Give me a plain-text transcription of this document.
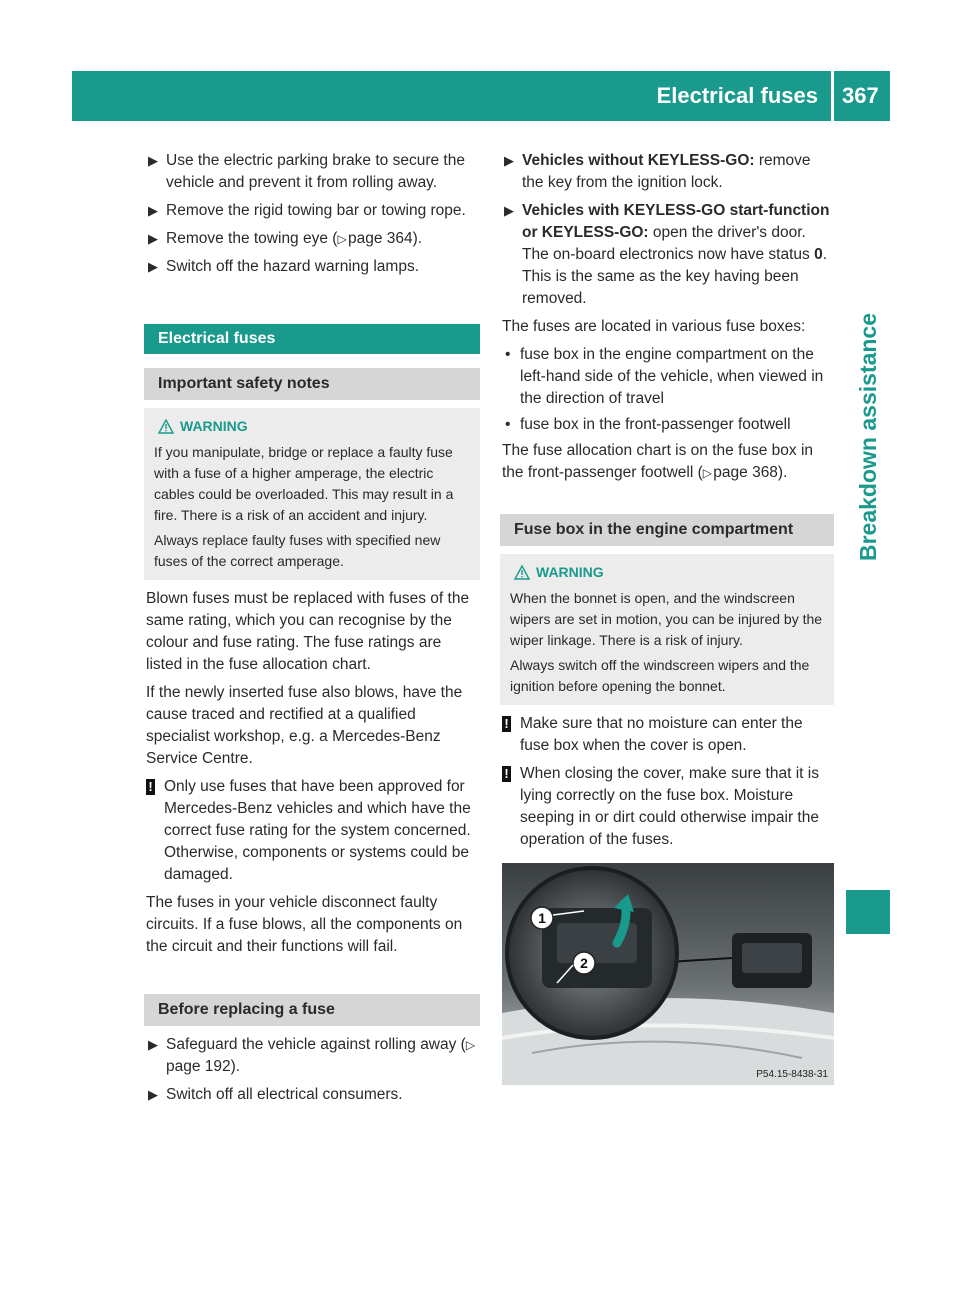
Electrical fuses 367
Breakdown assistance
▶ Use the electric parking brake to secure the vehicle and prevent it from rolling away.
▶ Remove the rigid towing bar or towing rope.
▶ Remove the towing eye (▷ page 364).
▶ Switch off the hazard warning lamps.
Electrical fuses
Important safety notes
WARNING

If you manipulate, bridge or replace a faulty fuse with a fuse of a higher amperage, the electric cables could be overloaded. This may result in a fire. There is a risk of an accident and injury.

Always replace faulty fuses with specified new fuses of the correct amperage.

Blown fuses must be replaced with fuses of the same rating, which you can recognise by the colour and fuse rating. The fuse ratings are listed in the fuse allocation chart.

If the newly inserted fuse also blows, have the cause traced and rectified at a qualified specialist workshop, e.g. a Mercedes-Benz Service Centre.

! Only use fuses that have been approved for Mercedes-Benz vehicles and which have the correct fuse rating for the system concerned. Otherwise, components or systems could be damaged.

The fuses in your vehicle disconnect faulty circuits. If a fuse blows, all the components on the circuit and their functions will fail.

Before replacing a fuse
▶ Safeguard the vehicle against rolling away (▷ page 192).
▶ Switch off all electrical consumers.
▶ Vehicles without KEYLESS-GO: remove the key from the ignition lock.
▶ Vehicles with KEYLESS-GO start-function or KEYLESS-GO: open the driver's door.
The on-board electronics now have status 0. This is the same as the key having been removed.

The fuses are located in various fuse boxes:

• fuse box in the engine compartment on the left-hand side of the vehicle, when viewed in the direction of travel
• fuse box in the front-passenger footwell

The fuse allocation chart is on the fuse box in the front-passenger footwell (▷ page 368).

Fuse box in the engine compartment
WARNING

When the bonnet is open, and the windscreen wipers are set in motion, you can be injured by the wiper linkage. There is a risk of injury.

Always switch off the windscreen wipers and the ignition before opening the bonnet.

! Make sure that no moisture can enter the fuse box when the cover is open.
! When closing the cover, make sure that it is lying correctly on the fuse box. Moisture seeping in or dirt could otherwise impair the operation of the fuses.
1
2
P54.15-8438-31
